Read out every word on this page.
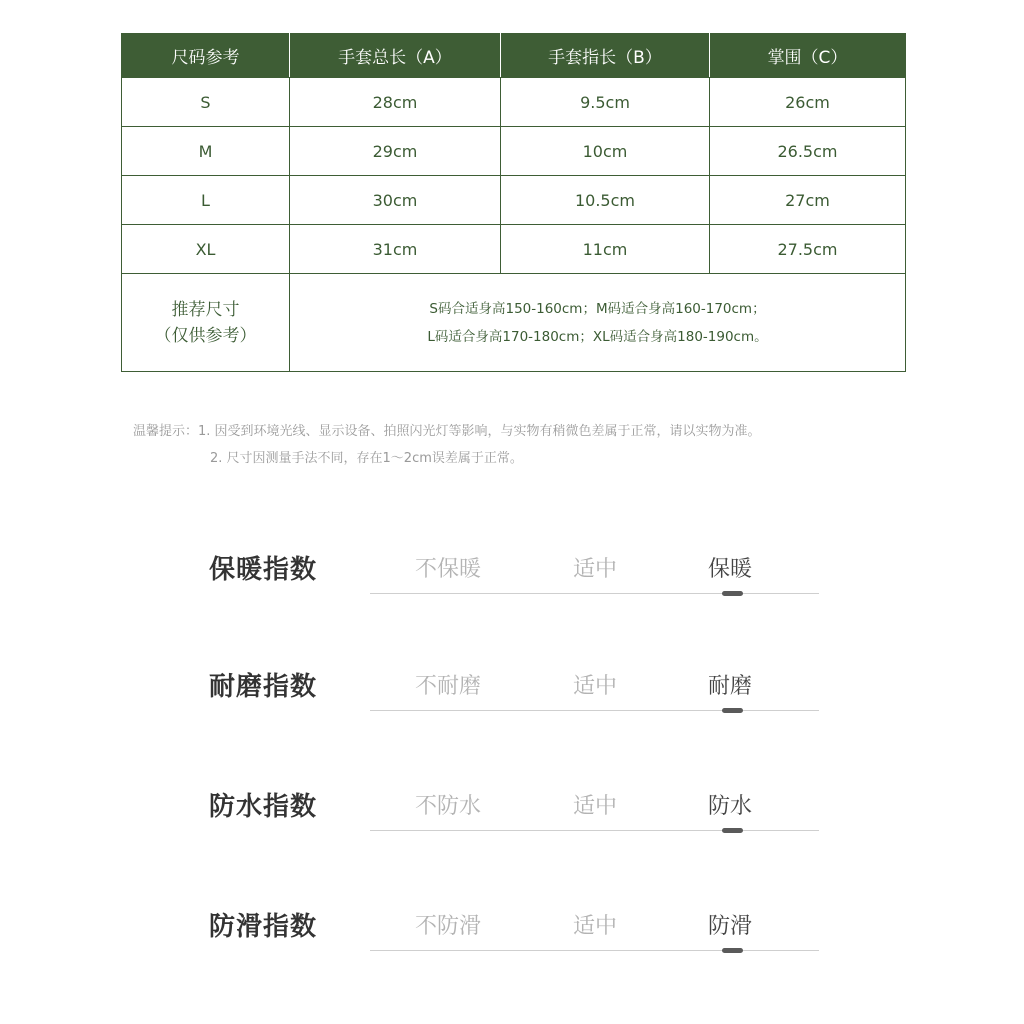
尺码参考	手套总长（A）	手套指长（B）	掌围（C）
S	28cm	9.5cm	26cm
M	29cm	10cm	26.5cm
L	30cm	10.5cm	27cm
XL	31cm	11cm	27.5cm

推荐尺寸
（仅供参考）	S码合适身高150-160cm；M码适合身高160-170cm；
L码适合身高170-180cm；XL码适合身高180-190cm。		
温馨提示：1. 因受到环境光线、显示设备、拍照闪光灯等影响，与实物有稍微色差属于正常，请以实物为准。
2. 尺寸因测量手法不同，存在1～2cm误差属于正常。
保暖指数	不保暖	适中	保暖
耐磨指数	不耐磨	适中	耐磨
防水指数	不防水	适中	防水
防滑指数	不防滑	适中	防滑
